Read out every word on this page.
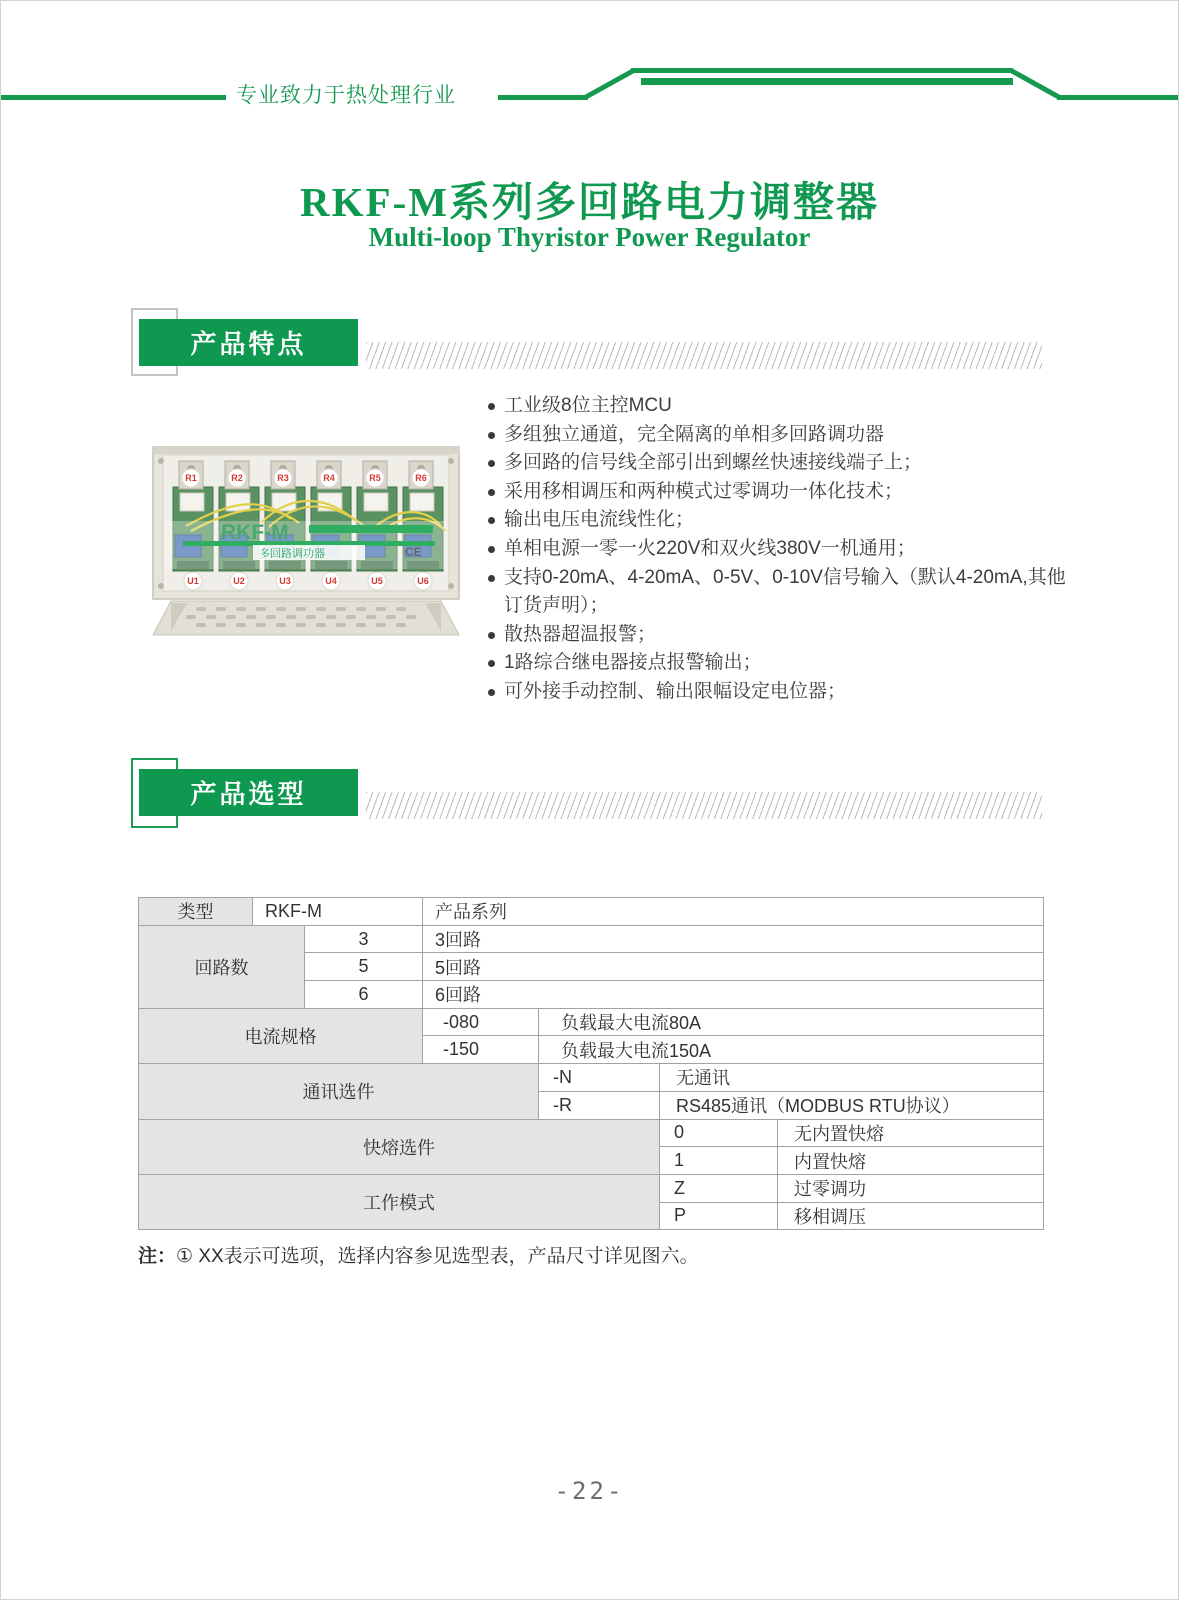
专业致力于热处理行业
RKF-M系列多回路电力调整器
Multi-loop Thyristor Power Regulator
产品特点
RKF-M
多回路调功器	CE
R1	R2	R3	R4	R5	R6
U1	U2	U3	U4	U5	U6
工业级8位主控MCU
多组独立通道，完全隔离的单相多回路调功器
多回路的信号线全部引出到螺丝快速接线端子上；
采用移相调压和两种模式过零调功一体化技术；
输出电压电流线性化；
单相电源一零一火220V和双火线380V一机通用；
支持0-20mA、4-20mA、0-5V、0-10V信号输入（默认4-20mA,其他订货声明）；
散热器超温报警；
1路综合继电器接点报警输出；
可外接手动控制、输出限幅设定电位器；
产品选型
类型	RKF-M		产品系列			
回路数		3	3回路			
		5	5回路			
		6	6回路			
电流规格			-080	负载最大电流80A		
			-150	负载最大电流150A		
通讯选件				-N	无通讯	
				-R	RS485通讯（MODBUS RTU协议）	
快熔选件					0	无内置快熔
					1	内置快熔
工作模式					Z	过零调功
					P	移相调压
注：① XX表示可选项，选择内容参见选型表，产品尺寸详见图六。
-22-
